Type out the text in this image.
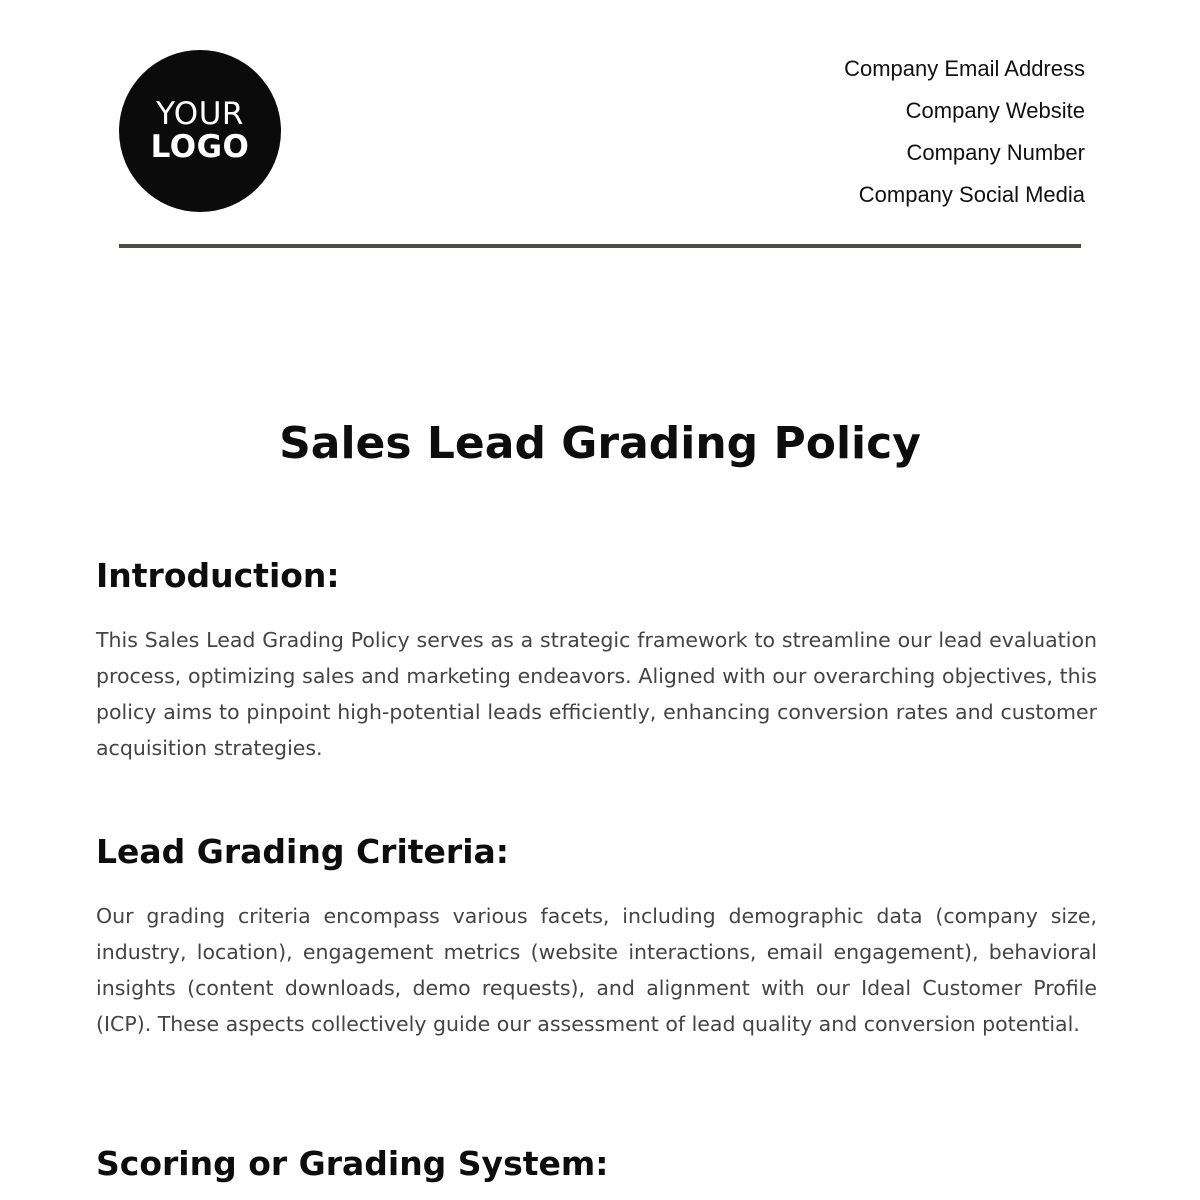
YOUR
LOGO
Company Email Address
Company Website
Company Number
Company Social Media
Sales Lead Grading Policy
Introduction:

This Sales Lead Grading Policy serves as a strategic framework to streamline our lead evaluation process, optimizing sales and marketing endeavors. Aligned with our overarching objectives, this policy aims to pinpoint high-potential leads efficiently, enhancing conversion rates and customer acquisition strategies.

Lead Grading Criteria:

Our grading criteria encompass various facets, including demographic data (company size, industry, location), engagement metrics (website interactions, email engagement), behavioral insights (content downloads, demo requests), and alignment with our Ideal Customer Profile (ICP). These aspects collectively guide our assessment of lead quality and conversion potential.

Scoring or Grading System:
